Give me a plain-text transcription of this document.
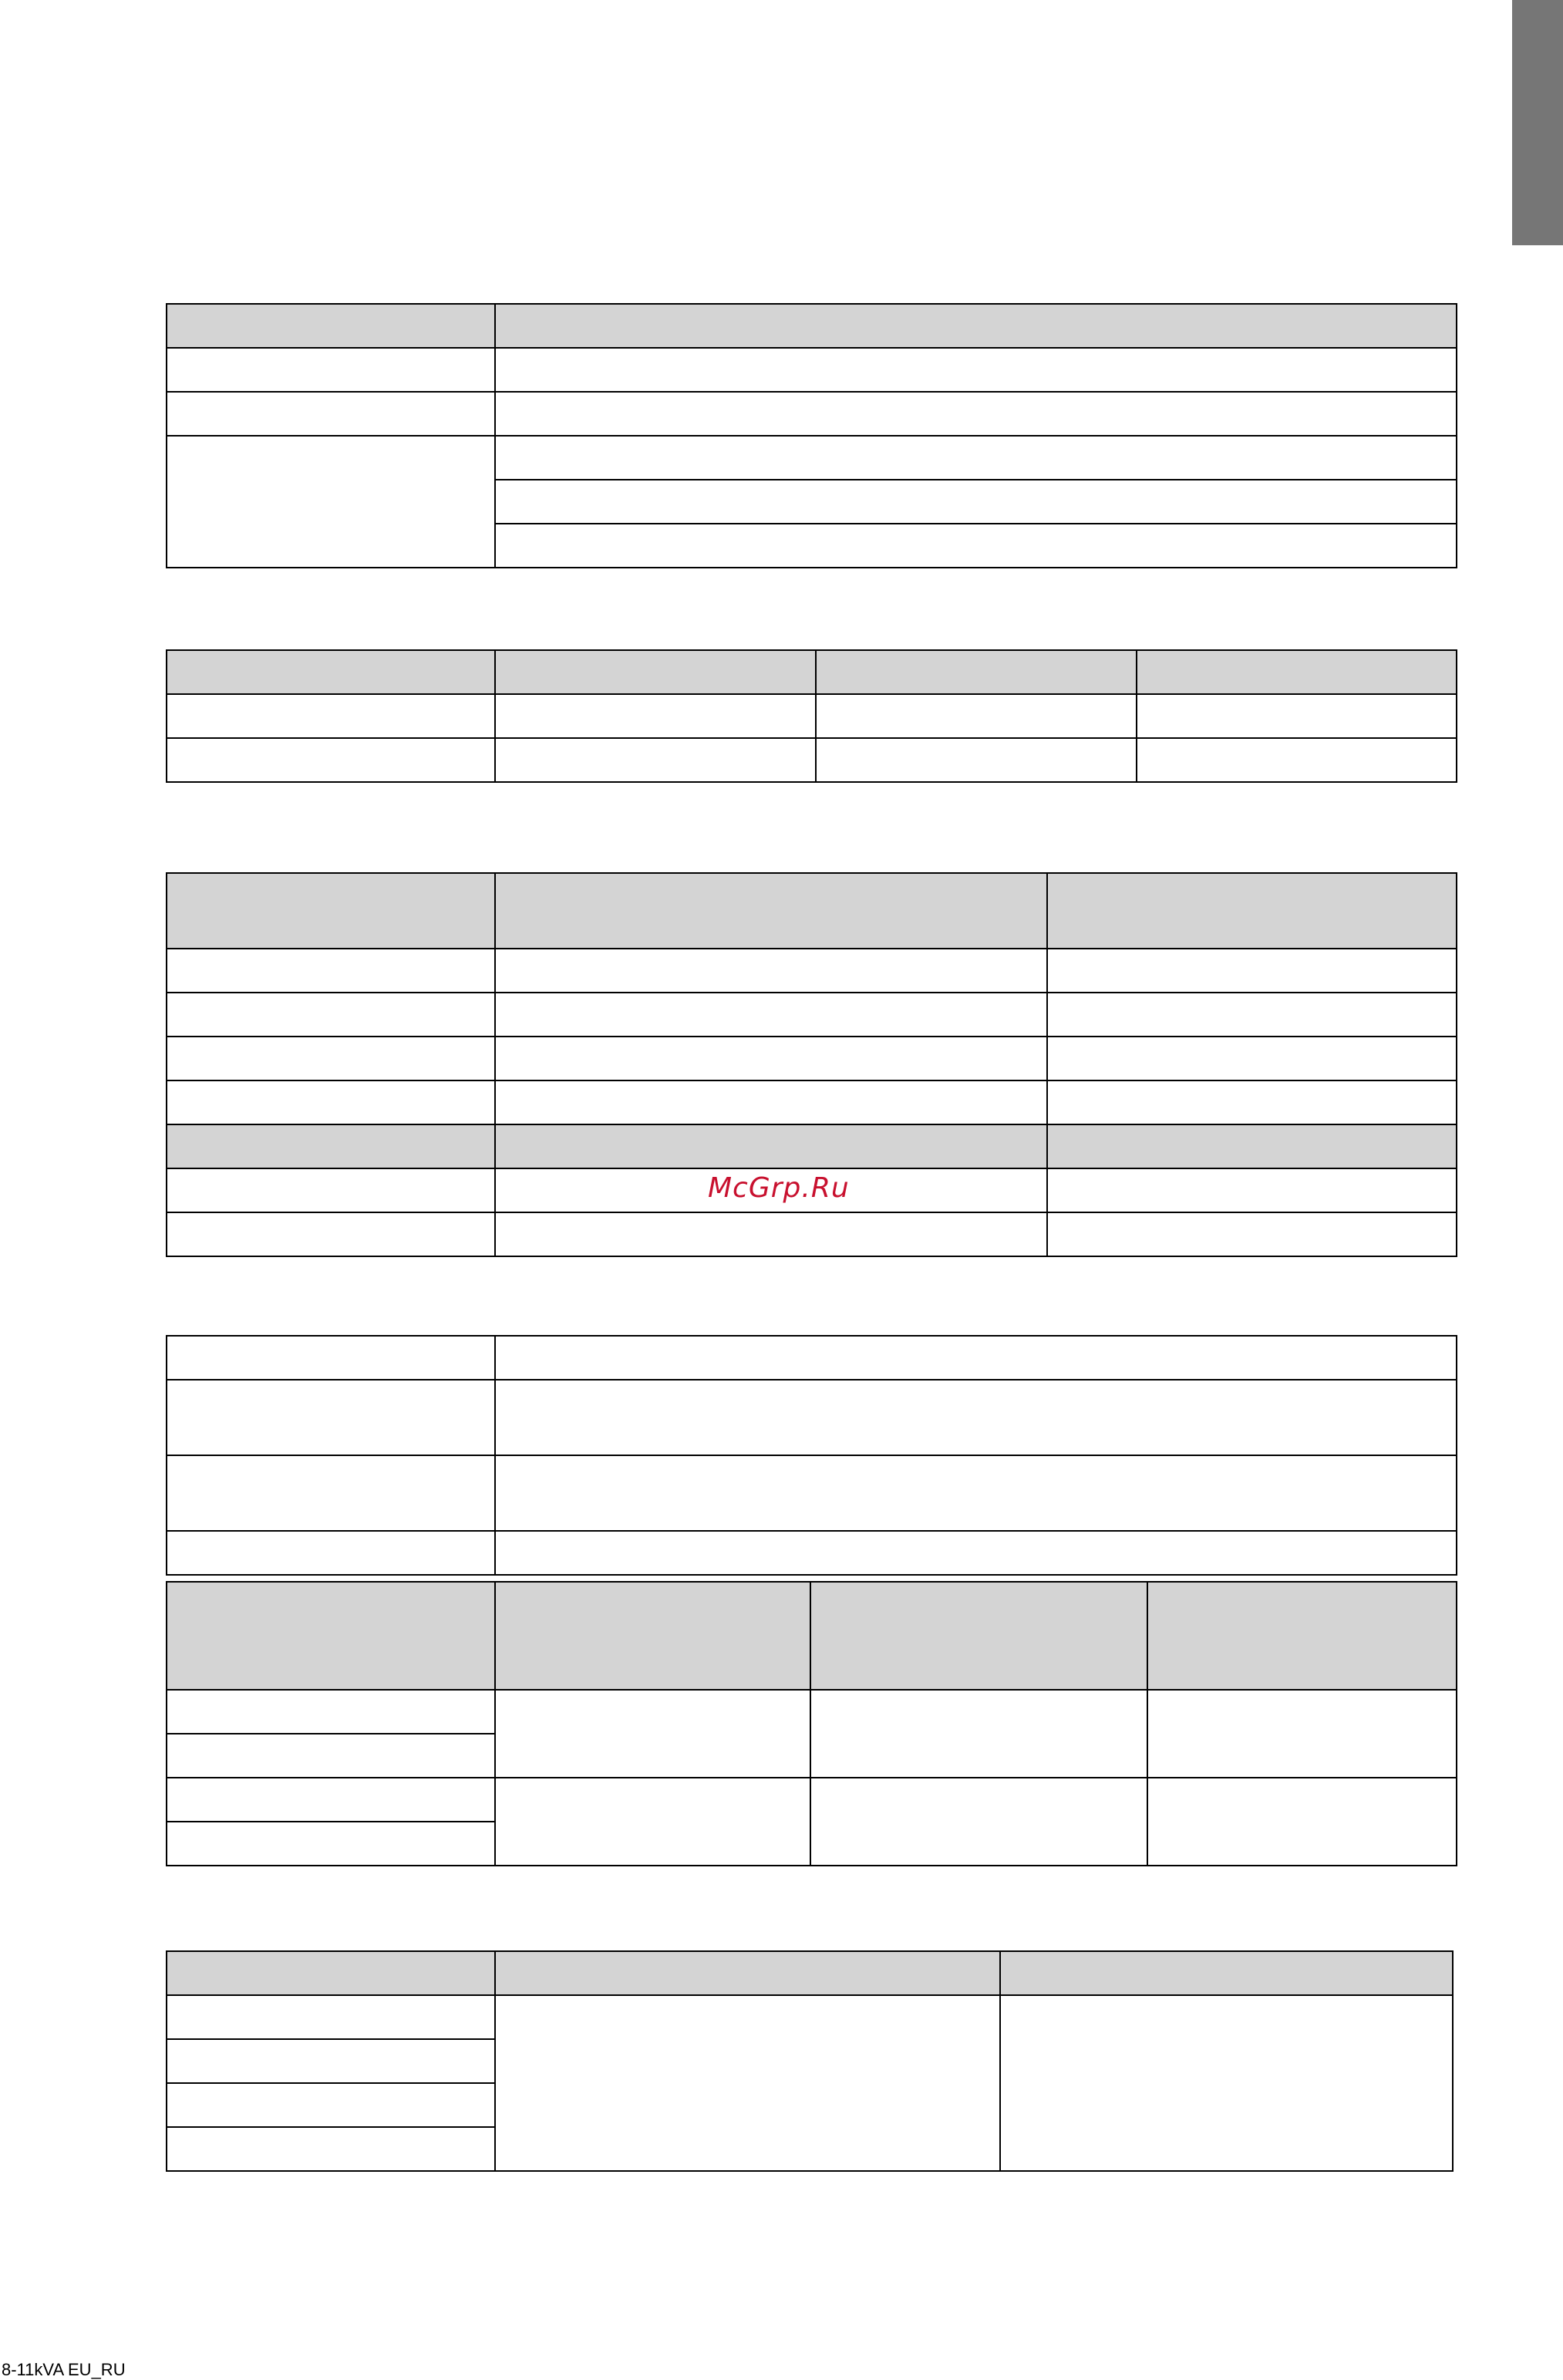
McGrp.Ru
8-11kVA EU_RU
